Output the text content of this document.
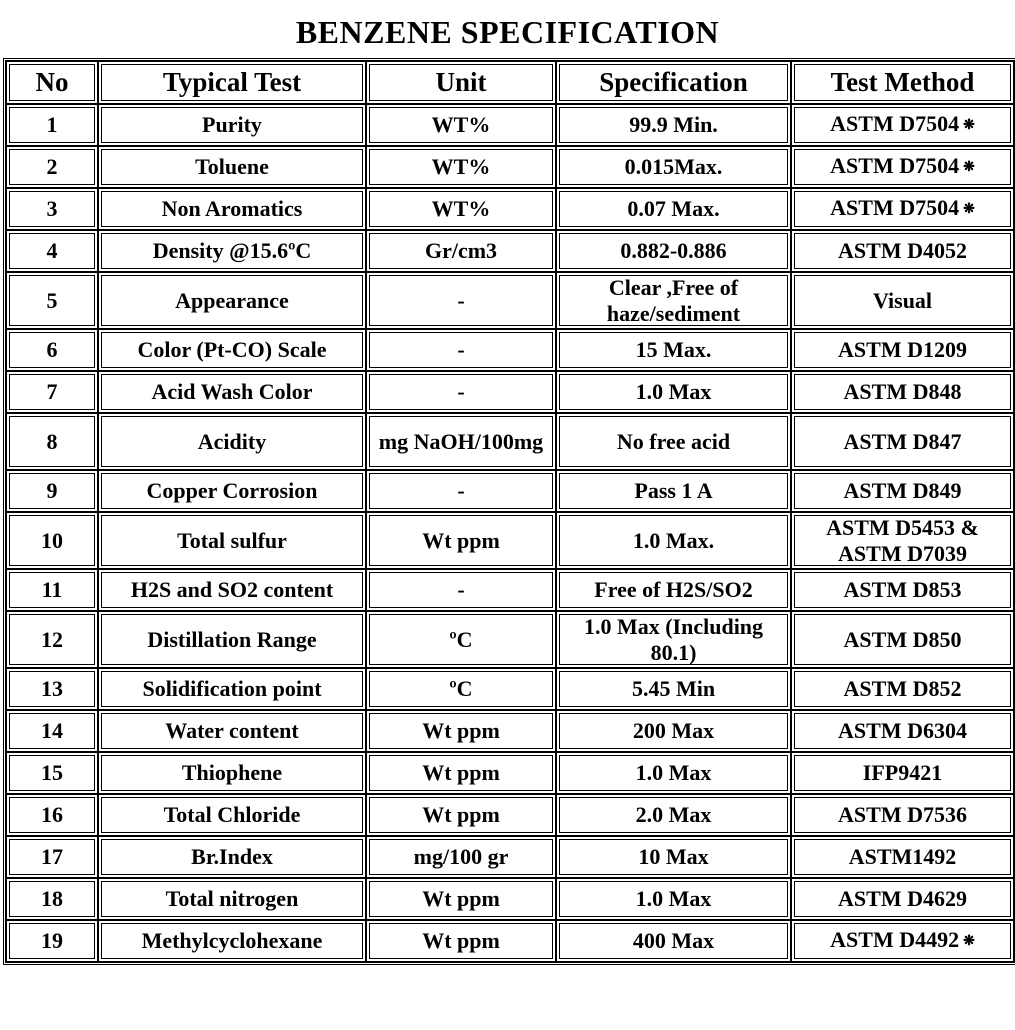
BENZENE SPECIFICATION
No	Typical Test	Unit	Specification	Test Method
1	Purity	WT%	99.9 Min.	ASTM D7504 ❋
2	Toluene	WT%	0.015Max.	ASTM D7504 ❋
3	Non Aromatics	WT%	0.07 Max.	ASTM D7504 ❋
4	Density @15.6ºC	Gr/cm3	0.882-0.886	ASTM D4052
5	Appearance	-	Clear ,Free of haze/sediment	Visual
6	Color (Pt-CO) Scale	-	15 Max.	ASTM D1209
7	Acid Wash Color	-	1.0 Max	ASTM D848
8	Acidity	mg NaOH/100mg	No free acid	ASTM D847
9	Copper Corrosion	-	Pass 1 A	ASTM D849
10	Total sulfur	Wt ppm	1.0 Max.	ASTM D5453 & ASTM D7039
11	H2S and SO2 content	-	Free of H2S/SO2	ASTM D853
12	Distillation Range	ºC	1.0 Max (Including 80.1)	ASTM D850
13	Solidification point	ºC	5.45 Min	ASTM D852
14	Water content	Wt ppm	200 Max	ASTM D6304
15	Thiophene	Wt ppm	1.0 Max	IFP9421
16	Total Chloride	Wt ppm	2.0 Max	ASTM D7536
17	Br.Index	mg/100 gr	10 Max	ASTM1492
18	Total nitrogen	Wt ppm	1.0 Max	ASTM D4629
19	Methylcyclohexane	Wt ppm	400 Max	ASTM D4492 ❋
